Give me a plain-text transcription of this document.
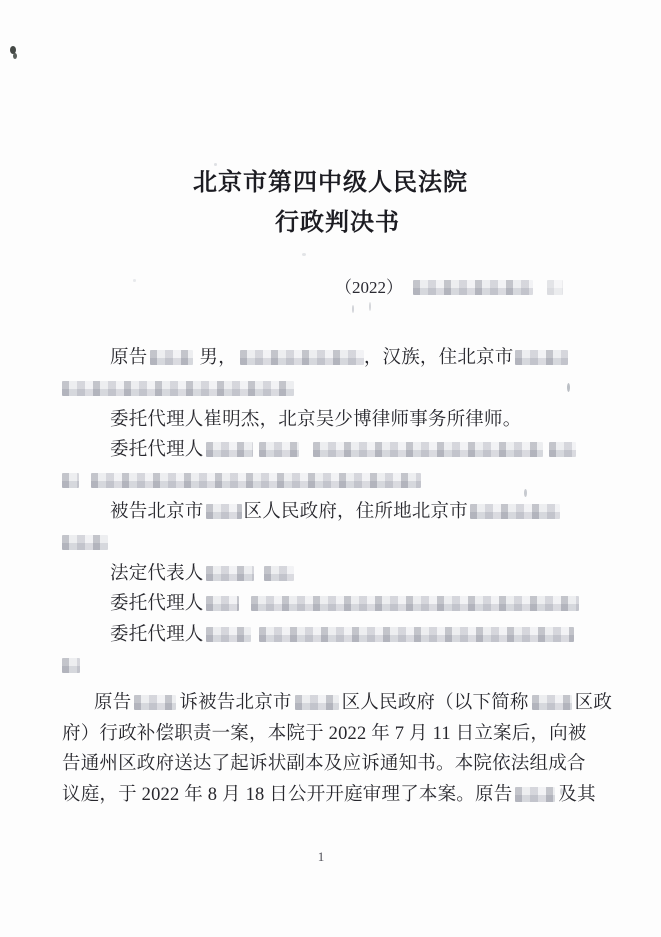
北京市第四中级人民法院
行政判决书
（2022）
原告	男，	，汉族，住北京市
委托代理人崔明杰，北京吴少博律师事务所律师。
委托代理人
被告北京市 区人民政府，住所地北京市
法定代表人
委托代理人
委托代理人
原告	诉被告北京市	区人民政府（以下简称 区政
府）行政补偿职责一案，本院于 2022 年 7 月 11 日立案后，向被
告通州区政府送达了起诉状副本及应诉通知书。本院依法组成合
议庭，于 2022 年 8 月 18 日公开开庭审理了本案。原告 及其
1
